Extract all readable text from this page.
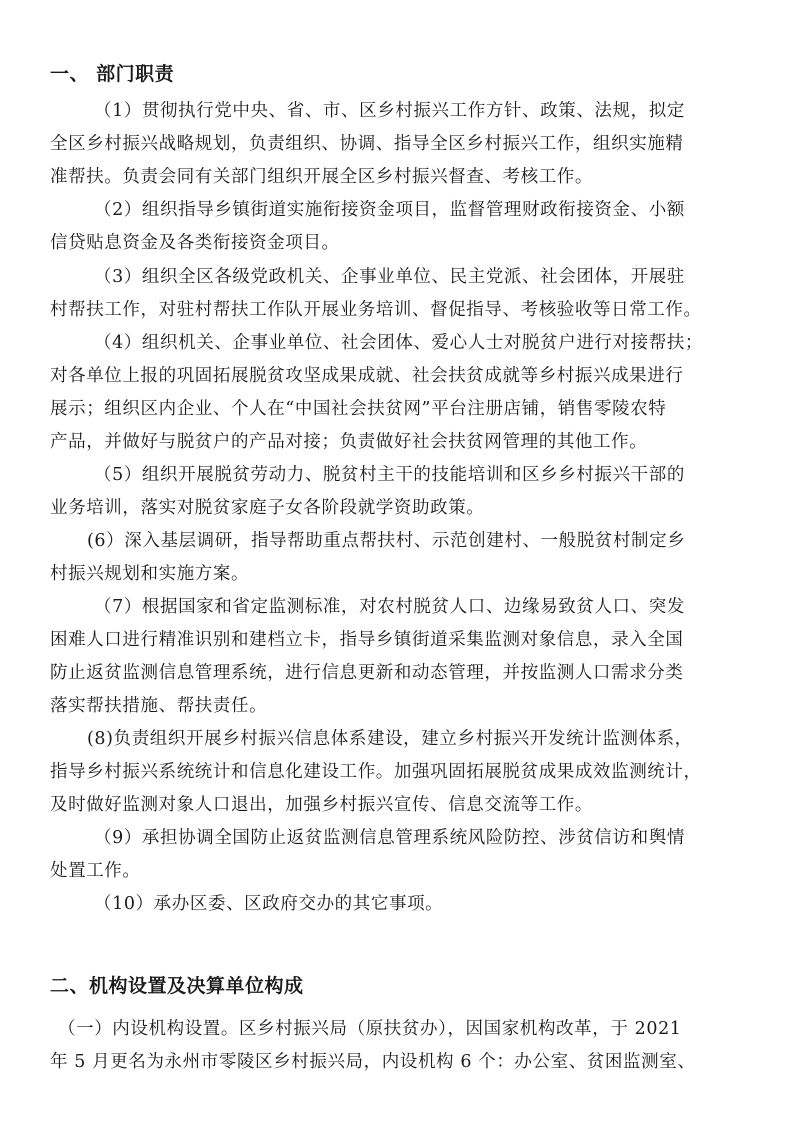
一、 部门职责
（1）贯彻执行党中央、省、市、区乡村振兴工作方针、政策、法规，拟定
全区乡村振兴战略规划，负责组织、协调、指导全区乡村振兴工作，组织实施精
准帮扶。负责会同有关部门组织开展全区乡村振兴督查、考核工作。
（2）组织指导乡镇街道实施衔接资金项目，监督管理财政衔接资金、小额
信贷贴息资金及各类衔接资金项目。
（3）组织全区各级党政机关、企事业单位、民主党派、社会团体，开展驻
村帮扶工作，对驻村帮扶工作队开展业务培训、督促指导、考核验收等日常工作。
（4）组织机关、企事业单位、社会团体、爱心人士对脱贫户进行对接帮扶；
对各单位上报的巩固拓展脱贫攻坚成果成就、社会扶贫成就等乡村振兴成果进行
展示；组织区内企业、个人在“中国社会扶贫网”平台注册店铺，销售零陵农特
产品，并做好与脱贫户的产品对接；负责做好社会扶贫网管理的其他工作。
（5）组织开展脱贫劳动力、脱贫村主干的技能培训和区乡乡村振兴干部的
业务培训，落实对脱贫家庭子女各阶段就学资助政策。
(6）深入基层调研，指导帮助重点帮扶村、示范创建村、一般脱贫村制定乡
村振兴规划和实施方案。
（7）根据国家和省定监测标准，对农村脱贫人口、边缘易致贫人口、突发
困难人口进行精准识别和建档立卡，指导乡镇街道采集监测对象信息，录入全国
防止返贫监测信息管理系统，进行信息更新和动态管理，并按监测人口需求分类
落实帮扶措施、帮扶责任。
(8)负责组织开展乡村振兴信息体系建设，建立乡村振兴开发统计监测体系，
指导乡村振兴系统统计和信息化建设工作。加强巩固拓展脱贫成果成效监测统计，
及时做好监测对象人口退出，加强乡村振兴宣传、信息交流等工作。
（9）承担协调全国防止返贫监测信息管理系统风险防控、涉贫信访和舆情
处置工作。
（10）承办区委、区政府交办的其它事项。
二、机构设置及决算单位构成
（一）内设机构设置。区乡村振兴局（原扶贫办），因国家机构改革，于 2021
年 5 月更名为永州市零陵区乡村振兴局，内设机构 6 个：办公室、贫困监测室、
